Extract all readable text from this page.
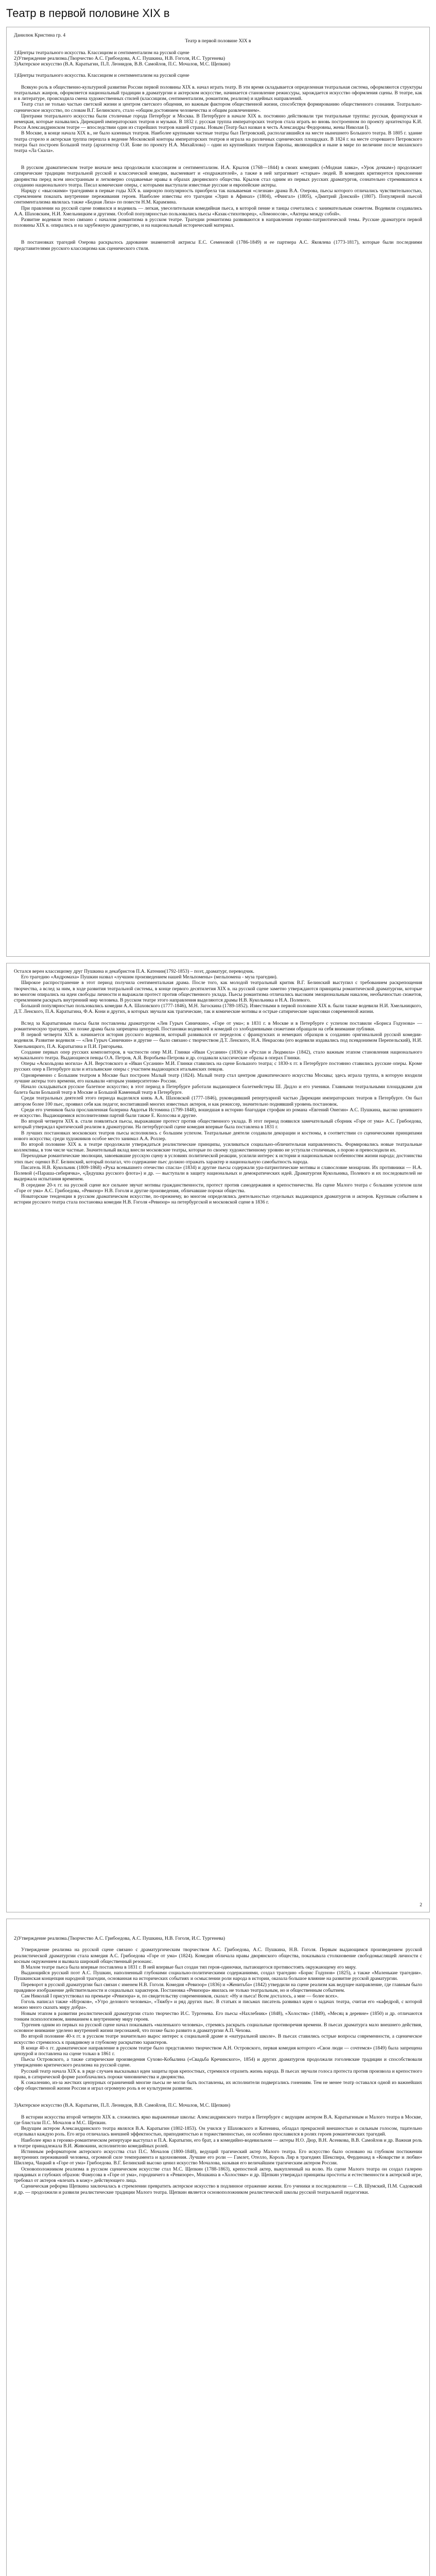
Театр в первой половине XIX в

Данилюк Кристина гр. 4

Театр в первой половине XIX в

1)Центры театрального искусства. Классицизм и сентиментализм на русской сцене

2)Утверждение реализма.(Творчество А.С. Грибоедова, А.С. Пушкина, Н.В. Гоголя, И.С. Тургенева)

3)Актерское искусство (В.А. Каратыгин, П.Л. Леонидов, В.В. Самойлов, П.С. Мочалов, М.С. Щепкин)

1)Центры театрального искусства. Классицизм и сентиментализм на русской сцене

Всякую роль в общественно-культурной развитии России первой половины XIX в. начал играть театр. В эти время складывается определенная театральная система, оформляются структуры театральных жанров, оформляется национальный традиции в драматургии и актерском искусстве, начинается становление режиссуры, зарождается искусство оформления сцены. В театре, как и в литературе, происходила смена художественных стилей (классицизм, сентиментализм, романтизм, реализм) и идейных направлений.

Театр стал не только частью светской жизни и центром светского общения, но важным фактором общественной жизни, способствуя формированию общественного сознания. Театрально-сценическое искусство, по словам В.Г. Белинского, стало «общим достоянием человечества и общим развлечением».

Центрами театрального искусства были столичные города Петербург и Москва. В Петербурге в начале XIX в. постоянно действовали три театральные труппы: русская, французская и немецкая, которые назывались Дирекцией императорских театров и музыки. В 1832 г. русская труппа императорских театров стала играть во вновь построенном по проекту архитектора К.И. Росси Александринском театре — впоследствии один из старейших театров нашей страны. Новым (Театр был назван в честь Александры Федоровны, жены Николая I).

В Москве, в конце начала XIX в., не было казенных театров. Наиболее крупными частные театры был Петровский, располагавшийся на месте нынешнего Большого театра. В 1805 г. здание театра сгорело и актерская труппа перешла в ведение Московской конторы императорских театров и играла на различных сценических площадках. В 1824 г. на месте сгоревшего Петровского театра был построен Большой театр (архитектор О.И. Бове по проекту Н.А. Михайлова) – один из крупнейших театров Европы, являющийся и ныне в мире по величине после миланского театра «Ла Скала».

В русском драматическом театре вначале века продолжали классицизм и сентиментализм. И.А. Крылов (1768—1844) в своих комедиях («Модная лавка», «Урок дочкам») продолжает сатирические традиции театральной русской и классической комедии, высмеивает и «подражателей», а также в ней затрагивает «старые» людей. В комедиях критикуется преклонение дворянства перед всем иностранным и легковерно создаваемые нравы в образах дворянского общества. Крылов стал одним из первых русских драматургов, сознательно стремившихся к созданию национального театра. Писал комические оперы, с которыми выступали известные русские и европейские актеры.

Наряду с «высокими» трагедиями в первые годы XIX в. широкую популярность приобрела так называемая «слезная» драма В.А. Озерова, пьесы которого отличались чувствительностью, стремлением показать внутренние переживания героев. Наиболее известны его трагедии «Эдип в Афинах» (1804), «Фингал» (1805), «Дмитрий Донской» (1807). Популярной пьесой сентиментализма являлась также «Бедная Лиза» по повести Н.М. Карамзина.

При правлении на русской сцене появился и водевиль — легкая, увеселительная комедийная пьеса, в которой пение и танцы сочетались с занимательным сюжетом. Водевили создавались А.А. Шаховским, Н.И. Хмельницким и другими. Особой популярностью пользовались пьесы «Казак-стихотворец», «Ломоносов», «Актеры между собой».

Развитие водевиля тесно связано с началом романтизма в русском театре. Трагедии романтизма развиваются в направлении героико-патриотической темы. Русские драматурги первой половины XIX в. опирались и на зарубежную драматургию, и на национальный исторический материал.

В постановках трагедий Озерова раскрылось дарование знаменитой актрисы Е.С. Семеновой (1786-1849) и ее партнера А.С. Яковлева (1773-1817), которые были последними представителями русского классицизма как сценического стиля.

Остался верен классицизму друг Пушкина и декабристов П.А. Катенин(1792-1853) – поэт, драматург, переводчик.

Его трагедию «Андромаха» Пушкин назвал «лучшим произведением нашей Мельпомены» (мельпомена - муза трагедии).

Широкое распространение в этот период получила сентиментальная драма. После того, как молодой театральный критик В.Г. Белинский выступил с требованием раскрепощения творчества, а вслед за ним, в ходе развития театральной системы, в конце первого десятилетия XIX в. на русской сцене заметно утверждаются принципы романтической драматургии, которые во многом опирались на идеи свободы личности и выражали протест против общественного уклада. Пьесы романтизма отличались высоким эмоциональным накалом, необычностью сюжетов, стремлением раскрыть внутренний мир человека. В русском театре этого направления выделяются драмы Н.В. Кукольника и Н.А. Полевого.

Большой популярностью пользовались комедии А.А. Шаховского (1777-1846), М.Н. Загоскина (1789-1852). Известными в первой половине XIX в. были также водевили Н.И. Хмельницкого, Д.Т. Ленского, П.А. Каратыгина, Ф.А. Кони и других, в которых звучали как трагические, так и комические мотивы и острые сатирические зарисовки современной жизни.

Вслед за Каратыгиным пьесы были поставлены драматургом «Лев Гурыч Синичкин», «Горе от ума»; в 1831 г. в Москве и в Петербурге с успехом поставили «Бориса Годунова» — романтическую трагедию, но позже драма была запрещена цензурой. Постановки водевилей и комедий со злободневными сюжетами обращали на себя внимание публики.

В первой четверти XIX в. начинается история русского водевиля, который развивался от переделок с французских и немецких образцов к созданию оригинальной русской комедии-водевиля. Развитие водевиля — «Лев Гурыч Синичкин» и другие — было связано с творчеством Д.Т. Ленского, Н.А. Некрасова (его водевили издавались под псевдонимом Перепельский), Н.И. Хмельницкого, П.А. Каратыгина и П.И. Григорьева.

Создание первых опер русских композиторов, в частности опер М.И. Глинки «Иван Сусанин» (1836) и «Руслан и Людмила» (1842), стало важным этапом становления национального музыкального театра. Выдающиеся певцы О.А. Петров, А.Я. Воробьева-Петрова и др. создавали классические образы в операх Глинки.

Оперы «Аскольдова могила» А.Н. Верстовского и «Иван Сусанин» М.И. Глинки ставились на сцене Большого театра; с 1830-х гг. в Петербурге постоянно ставились русские оперы. Кроме русских опер в Петербурге шли и итальянские оперы с участием выдающихся итальянских певцов.

Одновременно с Большим театром в Москве был построен Малый театр (1824). Малый театр стал центром драматического искусства Москвы; здесь играла труппа, в которую входили лучшие актеры того времени, его называли «вторым университетом» России.

Начало складываться русское балетное искусство; в этот период в Петербурге работали выдающиеся балетмейстеры Ш. Дидло и его ученики. Главными театральными площадками для балета были Большой театр в Москве и Большой Каменный театр в Петербурге.

Среди театральных деятелей этого периода выделялся князь А.А. Шаховской (1777-1846), руководивший репертуарной частью Дирекции императорских театров в Петербурге. Он был автором более 100 пьес, проявил себя как педагог, воспитавший многих известных актеров, и как режиссер, значительно поднявший уровень постановок.

Среди его учеников была прославленная балерина Авдотья Истомина (1799-1848), вошедшая в историю благодаря строфам из романа «Евгений Онегин» А.С. Пушкина, высоко ценившего ее искусство. Выдающимися исполнителями партий были также Е. Колосова и другие.

Во второй четверти XIX в. стали появляться пьесы, выражавшие протест против общественного уклада. В этот период появился замечательный сборник «Горе от ума» А.С. Грибоедова, который утверждал критический реализм в драматургии. На петербургской сцене комедия впервые была поставлена в 1831 г.

В лучших постановках московских театров пьесы исполнялись с большим успехом. Театральные деятели создавали декорации и костюмы, в соответствии со сценическими принципами нового искусства; среди художников особое место занимал А.А. Роллер.

Во второй половине XIX в. в театре продолжали утверждаться реалистические принципы, усиливаться социально-обличительная направленность. Формировались новые театральные коллективы, в том числе частные. Значительный вклад внесли московские театры, которые по своему художественному уровню не уступали столичным, а порою и превосходили их.

Переходные романтические эволюции, завоевавшие русскую сцену в условиях политической реакции, усилили интерес к истории и национальным особенностям жизни народа; достоинства этих пьес оценил В.Г. Белинский, который полагал, что содержание пьес должно отражать характер и национальную самобытность народа.

Писатель Н.В. Кукольник (1809-1868) «Рука всевышнего отечество спасла» (1834) и другие пьесы содержали ура-патриотические мотивы и славословие монархии. Их противники — Н.А. Полевой («Параша-сибирячка», «Дедушка русского флота») и др. — выступали в защиту национальных и демократических идей. Драматургия Кукольника, Полевого и их последователей не выдержала испытания временем.

В середине 20-х гг. на русской сцене все сильнее звучат мотивы гражданственности, протест против самодержавия и крепостничества. На сцене Малого театра с большим успехом шли «Горе от ума» А.С. Грибоедова, «Ревизор» Н.В. Гоголя и другие произведения, обличавшие пороки общества.

Новаторские тенденции в русском драматическом искусстве, по-прежнему, во многом определялись деятельностью отдельных выдающихся драматургов и актеров. Крупным событием в истории русского театра стала постановка комедии Н.В. Гоголя «Ревизор» на петербургской и московской сцене в 1836 г.

2

2)Утверждение реализма.(Творчество А.С. Грибоедова, А.С. Пушкина, Н.В. Гоголя, И.С. Тургенева)

Утверждение реализма на русской сцене связано с драматургическим творчеством А.С. Грибоедова, А.С. Пушкина, Н.В. Гоголя. Первым выдающимся произведением русской реалистической драматургии стала комедия А.С. Грибоедова «Горе от ума» (1824). Комедия обличала нравы дворянского общества, показывала столкновение свободомыслящей личности с косным окружением и вызвала широкий общественный резонанс.

В Малом театре пьеса была впервые поставлена в 1831 г. В ней впервые был создан тип героя-одиночки, пытающегося противостоять окружающему его миру.

Выдающийся русский поэт А.С. Пушкин, наполненный глубокими социально-политическими содержаниями, создал трагедию «Борис Годунов» (1825), а также «Маленькие трагедии». Пушкинская концепция народной трагедии, основанная на исторических событиях и осмыслении роли народа в истории, оказала большое влияние на развитие русской драматургии.

Переворот в русской драматургии был связан с именем Н.В. Гоголя. Комедия «Ревизор» (1836) и «Женитьба» (1842) утвердили на сцене реализм как ведущее направление, где главным было правдивое изображение действительности и социальных характеров. Постановка «Ревизора» явилась не только театральным, но и общественным событием.

Сам Николай I присутствовал на премьере «Ревизора» и, по свидетельству современников, сказал: «Ну и пьеса! Всем досталось, а мне — более всех».

Гоголь написал также «Игроков», «Утро делового человека», «Тяжбу» и ряд других пьес. В статьях и письмах писатель развивал идеи о задачах театра, считая его «кафедрой, с которой можно много сказать миру добра».

Новым этапом в развитии реалистической драматургии стало творчество И.С. Тургенева. Его пьесы «Нахлебник» (1848), «Холостяк» (1849), «Месяц в деревне» (1850) и др. отличаются тонким психологизмом, вниманием к внутреннему миру героев.

Тургенев одним из первых на русской сцене начал показывать «маленького человека», стремясь раскрыть социальные противоречия времени. В пьесах драматурга мало внешнего действия, основное внимание уделено внутренней жизни персонажей, что позже было развито в драматургии А.П. Чехова.

Во второй половине 40-х гг. в русском театре значительно вырос интерес к социальной драме и «натуральной школе». В пьесах ставились острые вопросы современности, а сценическое искусство стремилось к правдивому и глубокому раскрытию характеров.

В конце 40-х гг. драматическое направление в русском театре было представлено творчеством А.Н. Островского, первая комедия которого «Свои люди — сочтемся» (1849) была запрещена цензурой и поставлена на сцене только в 1861 г.

Пьесы Островского, а также сатирические произведения Сухово-Кобылина («Свадьба Кречинского», 1854) и других драматургов продолжали гоголевские традиции и способствовали утверждению критического реализма на русской сцене.

Русский театр начала XIX в. в ряде случаев высказывал идеи защиты прав крепостных, стремился отразить жизнь народа. В пьесах звучали голоса протеста против произвола и крепостного права, в сатирической форме разоблачались пороки чиновничества и дворянства.

К сожалению, из-за жестких цензурных ограничений многие пьесы не могли быть поставлены, их исполнители подвергались гонениям. Тем не менее театр оставался одной из важнейших сфер общественной жизни России и играл огромную роль в ее культурном развитии.

3)Актерское искусство (В.А. Каратыгин, П.Л. Леонидов, В.В. Самойлов, П.С. Мочалов, М.С. Щепкин)

В истории искусства второй четверти XIX в. сложились ярко выраженные школы: Александринского театра в Петербурге с ведущим актером В.А. Каратыгиным и Малого театра в Москве, где блистали П.С. Мочалов и М.С. Щепкин.

Ведущим актером Александринского театра являлся В.А. Каратыгин (1802-1853). Он учился у Шаховского и Катенина, обладал прекрасной внешностью и сильным голосом, тщательно отделывал каждую роль. Его игра отличалась внешней эффектностью, приподнятостью и торжественностью, он особенно прославился в ролях героев романтических трагедий.

Наиболее ярко в героико-романтическом репертуаре выступал и П.А. Каратыгин, его брат, а в комедийно-водевильном — актеры Н.О. Дюр, В.Н. Асенкова, В.В. Самойлов и др. Важная роль в театре принадлежала В.И. Живокини, исполнителю комедийных ролей.

Истинным реформатором актерского искусства стал П.С. Мочалов (1800-1848), ведущий трагический актер Малого театра. Его искусство было основано на глубоком постижении внутренних переживаний человека, огромной силе темперамента и вдохновения. Лучшие его роли — Гамлет, Отелло, Король Лир в трагедиях Шекспира, Фердинанд в «Коварстве и любви» Шиллера, Чацкий в «Горе от ума» Грибоедова. В.Г. Белинский высоко ценил искусство Мочалова, называя его величайшим трагическим актером России.

Основоположником реализма в русском сценическом искусстве стал М.С. Щепкин (1788-1863), крепостной актер, выкупленный на волю. На сцене Малого театра он создал галерею правдивых и глубоких образов: Фамусова в «Горе от ума», городничего в «Ревизоре», Мошкина в «Холостяке» и др. Щепкин утверждал принципы простоты и естественности в актерской игре, требовал от актеров «влезать в кожу» действующего лица.

Сценическая реформа Щепкина заключалась в стремлении превратить актерское искусство в подлинное отражение жизни. Его ученики и последователи — С.В. Шумский, П.М. Садовский и др. — продолжили и развили реалистические традиции Малого театра. Щепкин является основоположником реалистической школы русской театральной педагогики.
